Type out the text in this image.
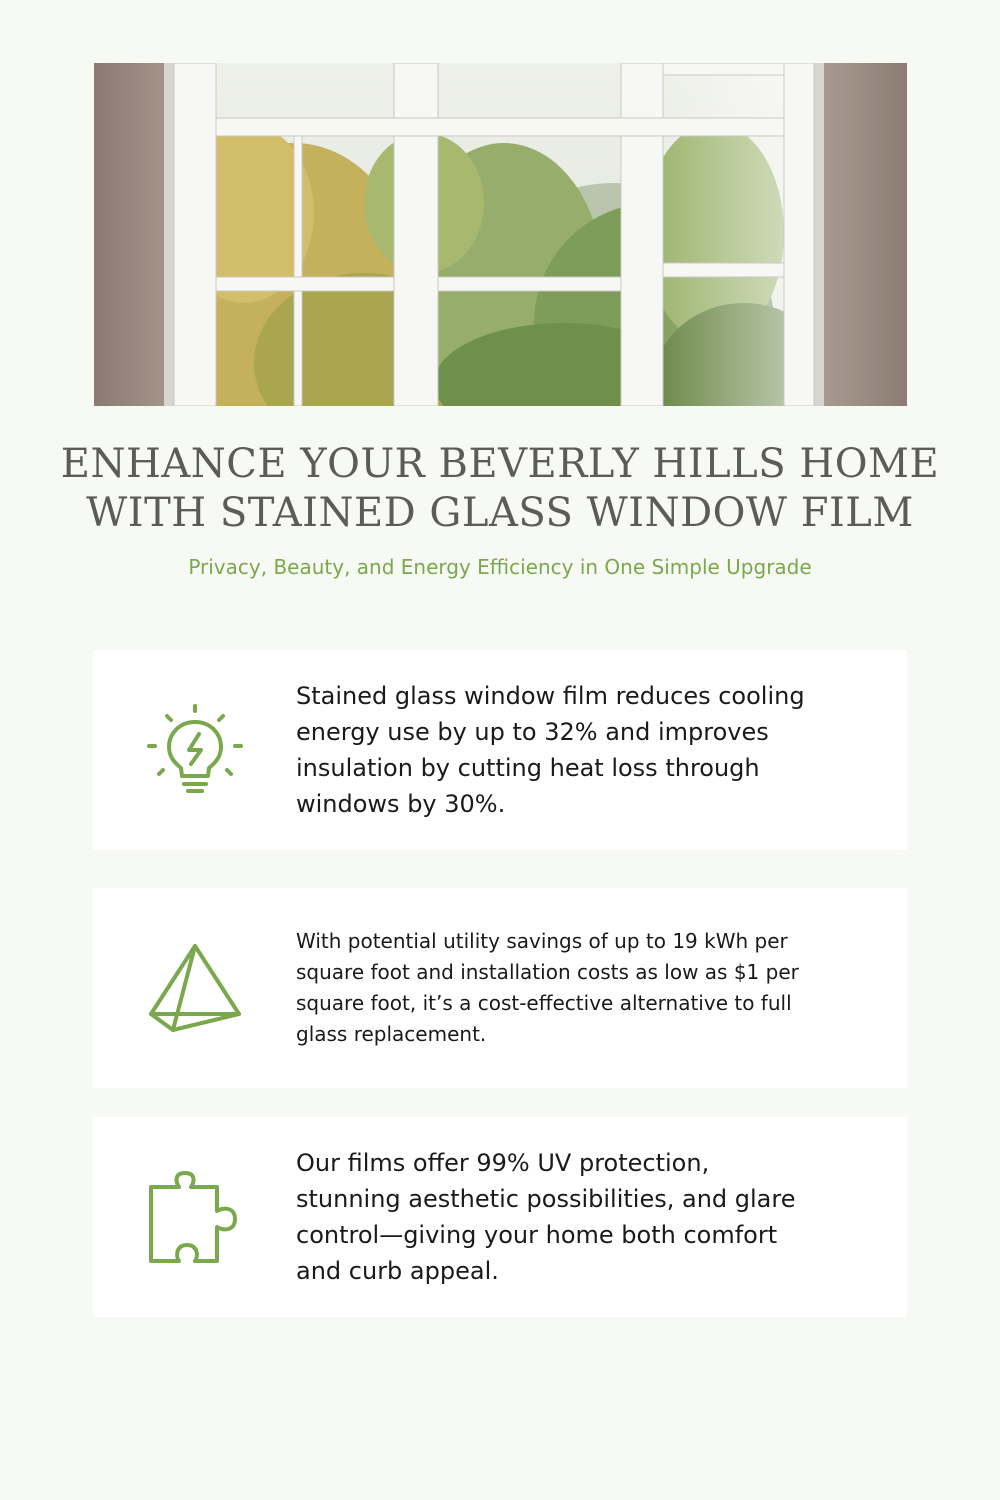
ENHANCE YOUR BEVERLY HILLS HOME
WITH STAINED GLASS WINDOW FILM

Privacy, Beauty, and Energy Efficiency in One Simple Upgrade

Stained glass window film reduces cooling energy use by up to 32% and improves insulation by cutting heat loss through windows by 30%.

With potential utility savings of up to 19 kWh per square foot and installation costs as low as $1 per square foot, it’s a cost-effective alternative to full glass replacement.

Our films offer 99% UV protection, stunning aesthetic possibilities, and glare control—giving your home both comfort and curb appeal.
